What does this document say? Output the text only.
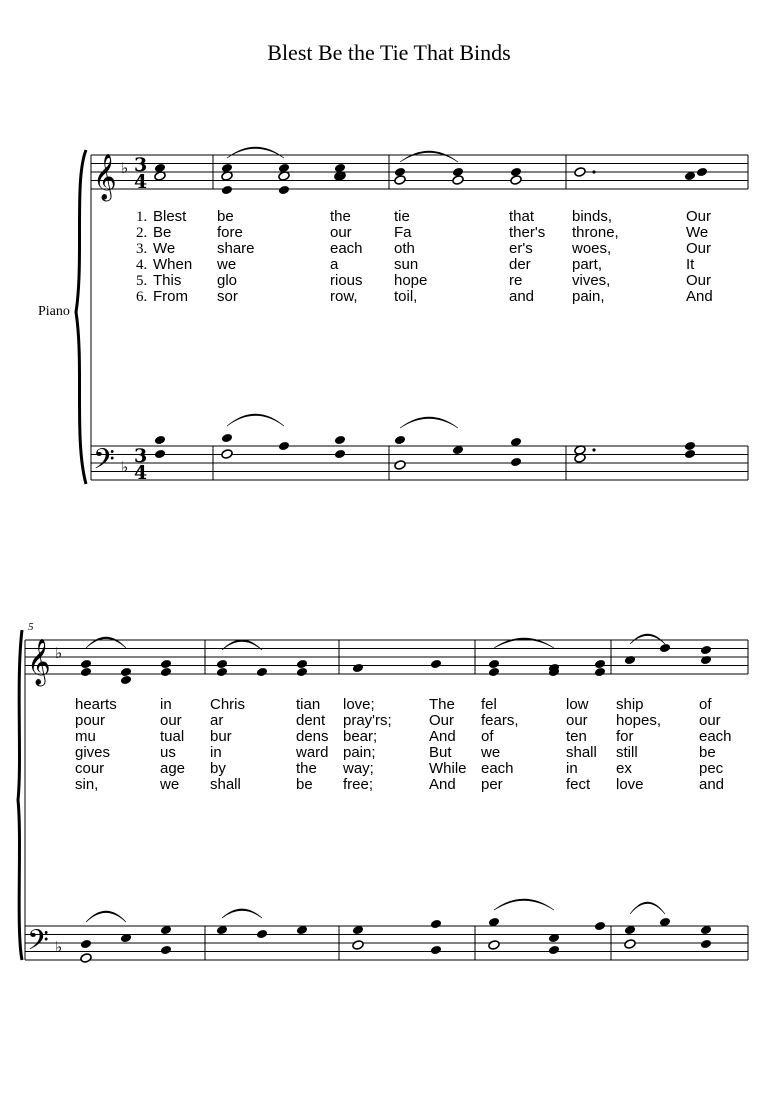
Blest Be the Tie That Binds
Piano
5
𝄞
𝄢
♭
♭
3
4
3
4
𝄞
𝄢
♭
♭
1. Blest be	the	tie	that	binds,	Our
2. Be	fore	our	Fa	ther's throne,	We
3. We	share	each oth	er's	woes,	Our
4. When we	a	sun	der	part,	It
5. This glo	rious hope	re	vives,	Our
6. From sor	row, toil,	and	pain,	And
hearts	in	Chris	tian love;	The fel	low ship	of
pour	our ar	dent pray'rs; Our fears,	our hopes,	our
mu	tual bur	dens bear;	And of	ten for	each
gives	us in	ward pain;	But we	shall still	be
cour	age by	the way;	While each	in	ex	pec
sin,	we shall	be free;	And per	fect love	and
